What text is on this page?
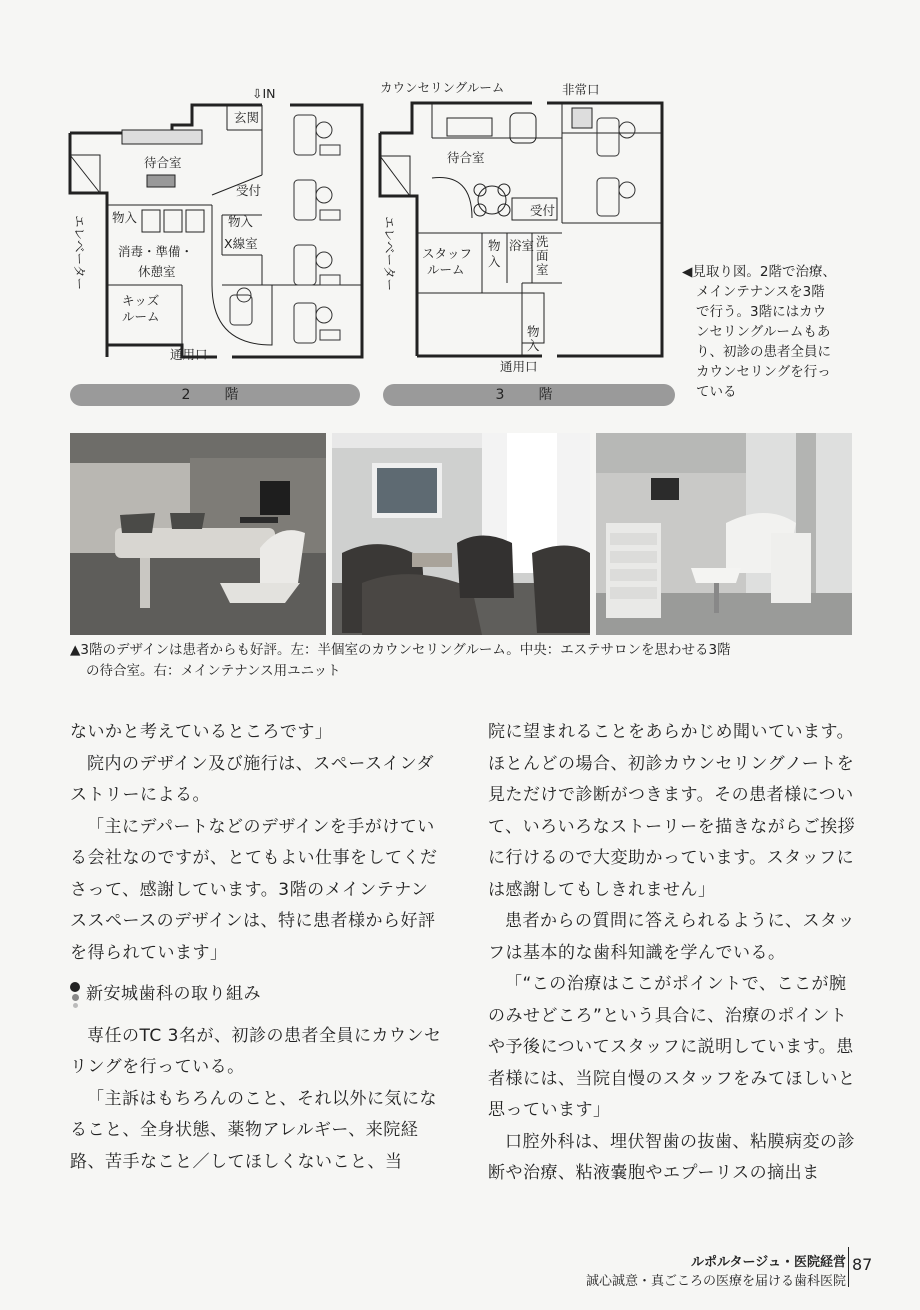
待合室
玄関
受付
物入	物入
X線室
消毒・準備・
休憩室
キッズ
ルーム
通用口
⇩IN
エレベーター
2　階
待合室
受付
スタッフ
ルーム
物
入
浴室 洗
面
室
物
入
通用口
カウンセリングルーム	非常口
エレベーター
3　階
◀見取り図。2階で治療、
メインテナンスを3階
で行う。3階にはカウ
ンセリングルームもあ
り、初診の患者全員に
カウンセリングを行っ
ている
▲3階のデザインは患者からも好評。左：半個室のカウンセリングルーム。中央：エステサロンを思わせる3階
の待合室。右：メインテナンス用ユニット

ないかと考えているところです」

院内のデザイン及び施行は、スペースインダストリーによる。

「主にデパートなどのデザインを手がけている会社なのですが、とてもよい仕事をしてくださって、感謝しています。3階のメインテナンススペースのデザインは、特に患者様から好評を得られています」

新安城歯科の取り組み

専任のTC 3名が、初診の患者全員にカウンセリングを行っている。

「主訴はもちろんのこと、それ以外に気になること、全身状態、薬物アレルギー、来院経路、苦手なこと／してほしくないこと、当

院に望まれることをあらかじめ聞いています。ほとんどの場合、初診カウンセリングノートを見ただけで診断がつきます。その患者様について、いろいろなストーリーを描きながらご挨拶に行けるので大変助かっています。スタッフには感謝してもしきれません」

患者からの質問に答えられるように、スタッフは基本的な歯科知識を学んでいる。

「“この治療はここがポイントで、ここが腕のみせどころ”という具合に、治療のポイントや予後についてスタッフに説明しています。患者様には、当院自慢のスタッフをみてほしいと思っています」

口腔外科は、埋伏智歯の抜歯、粘膜病変の診断や治療、粘液嚢胞やエプーリスの摘出ま

ルポルタージュ・医院経営
誠心誠意・真ごころの医療を届ける歯科医院
87
